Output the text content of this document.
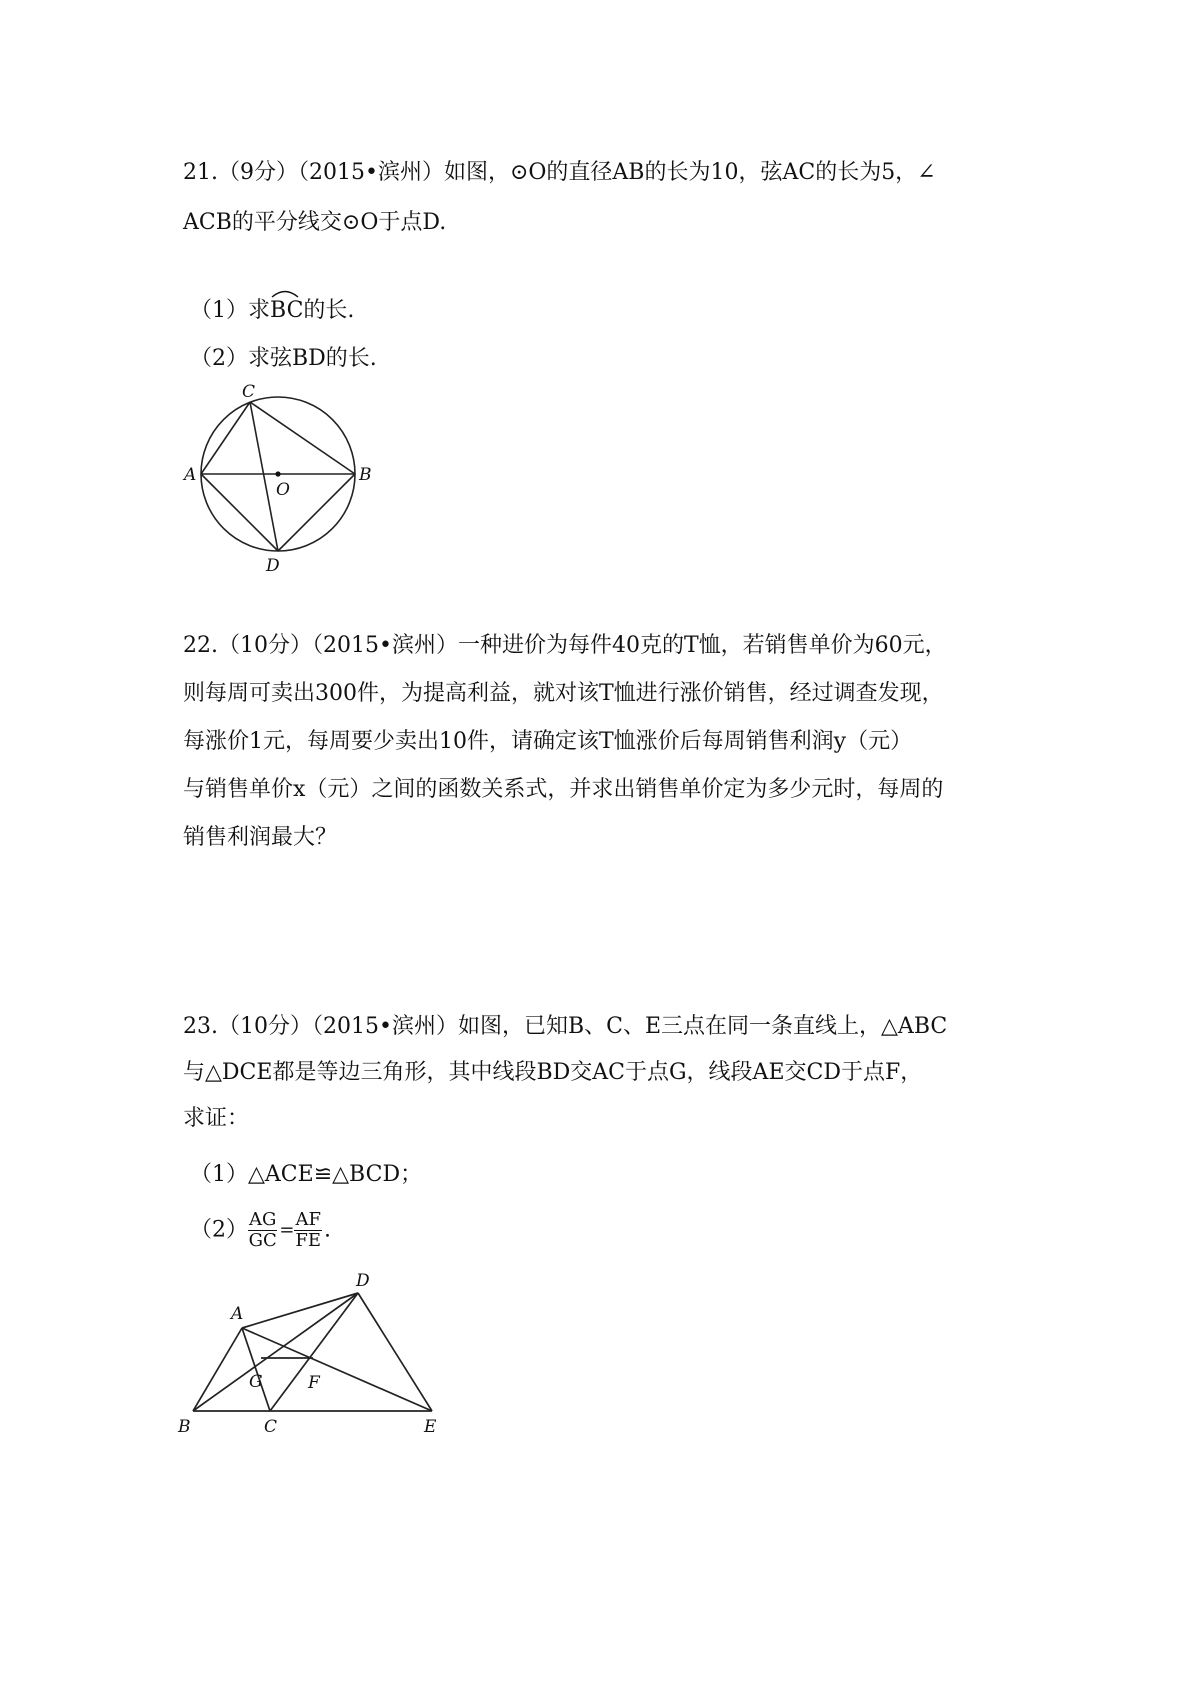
21.（9分）（2015•滨州）如图，⊙O的直径AB的长为10，弦AC的长为5，∠
ACB的平分线交⊙O于点D.
（1）求
BC的长.
（2）求弦BD的长.
C
A
O
B
D
22.（10分）（2015•滨州）一种进价为每件40克的T恤，若销售单价为60元，
则每周可卖出300件，为提高利益，就对该T恤进行涨价销售，经过调查发现，
每涨价1元，每周要少卖出10件，请确定该T恤涨价后每周销售利润y（元）
与销售单价x（元）之间的函数关系式，并求出销售单价定为多少元时，每周的
销售利润最大？
23.（10分）（2015•滨州）如图，已知B、C、E三点在同一条直线上，△ABC
与△DCE都是等边三角形，其中线段BD交AC于点G，线段AE交CD于点F，
求证：
（1）△ACE≌△BCD；
$(2) \frac{AG}{GC} = \frac{AF}{FE}$ .
A
D
G	F
B	C	E
